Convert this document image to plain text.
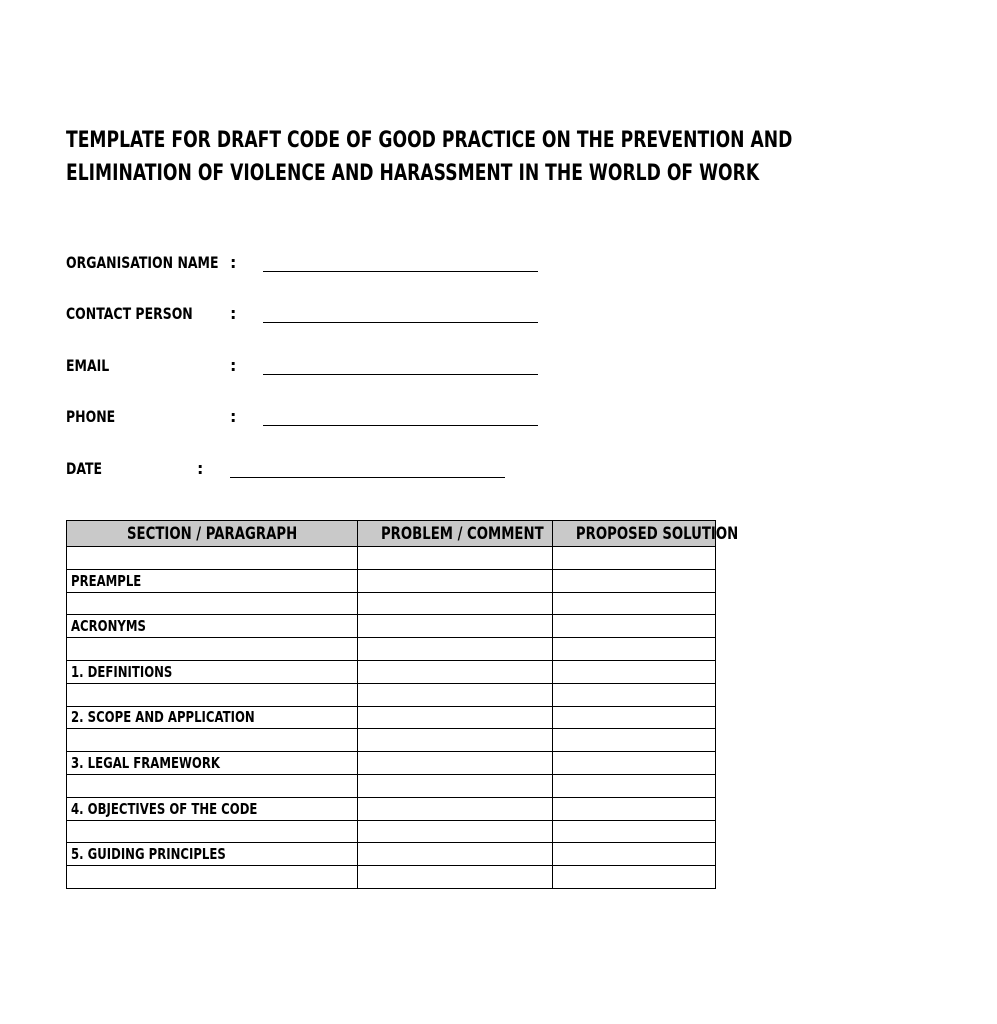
TEMPLATE FOR DRAFT CODE OF GOOD PRACTICE ON THE PREVENTION AND
ELIMINATION OF VIOLENCE AND HARASSMENT IN THE WORLD OF WORK
ORGANISATION NAME :
CONTACT PERSON :
EMAIL	:
PHONE	:
DATE	:
SECTION / PARAGRAPH	PROBLEM / COMMENT	PROPOSED SOLUTION

PREAMPLE		

ACRONYMS		

1. DEFINITIONS		

2. SCOPE AND APPLICATION		

3. LEGAL FRAMEWORK		

4. OBJECTIVES OF THE CODE		

5. GUIDING PRINCIPLES		
